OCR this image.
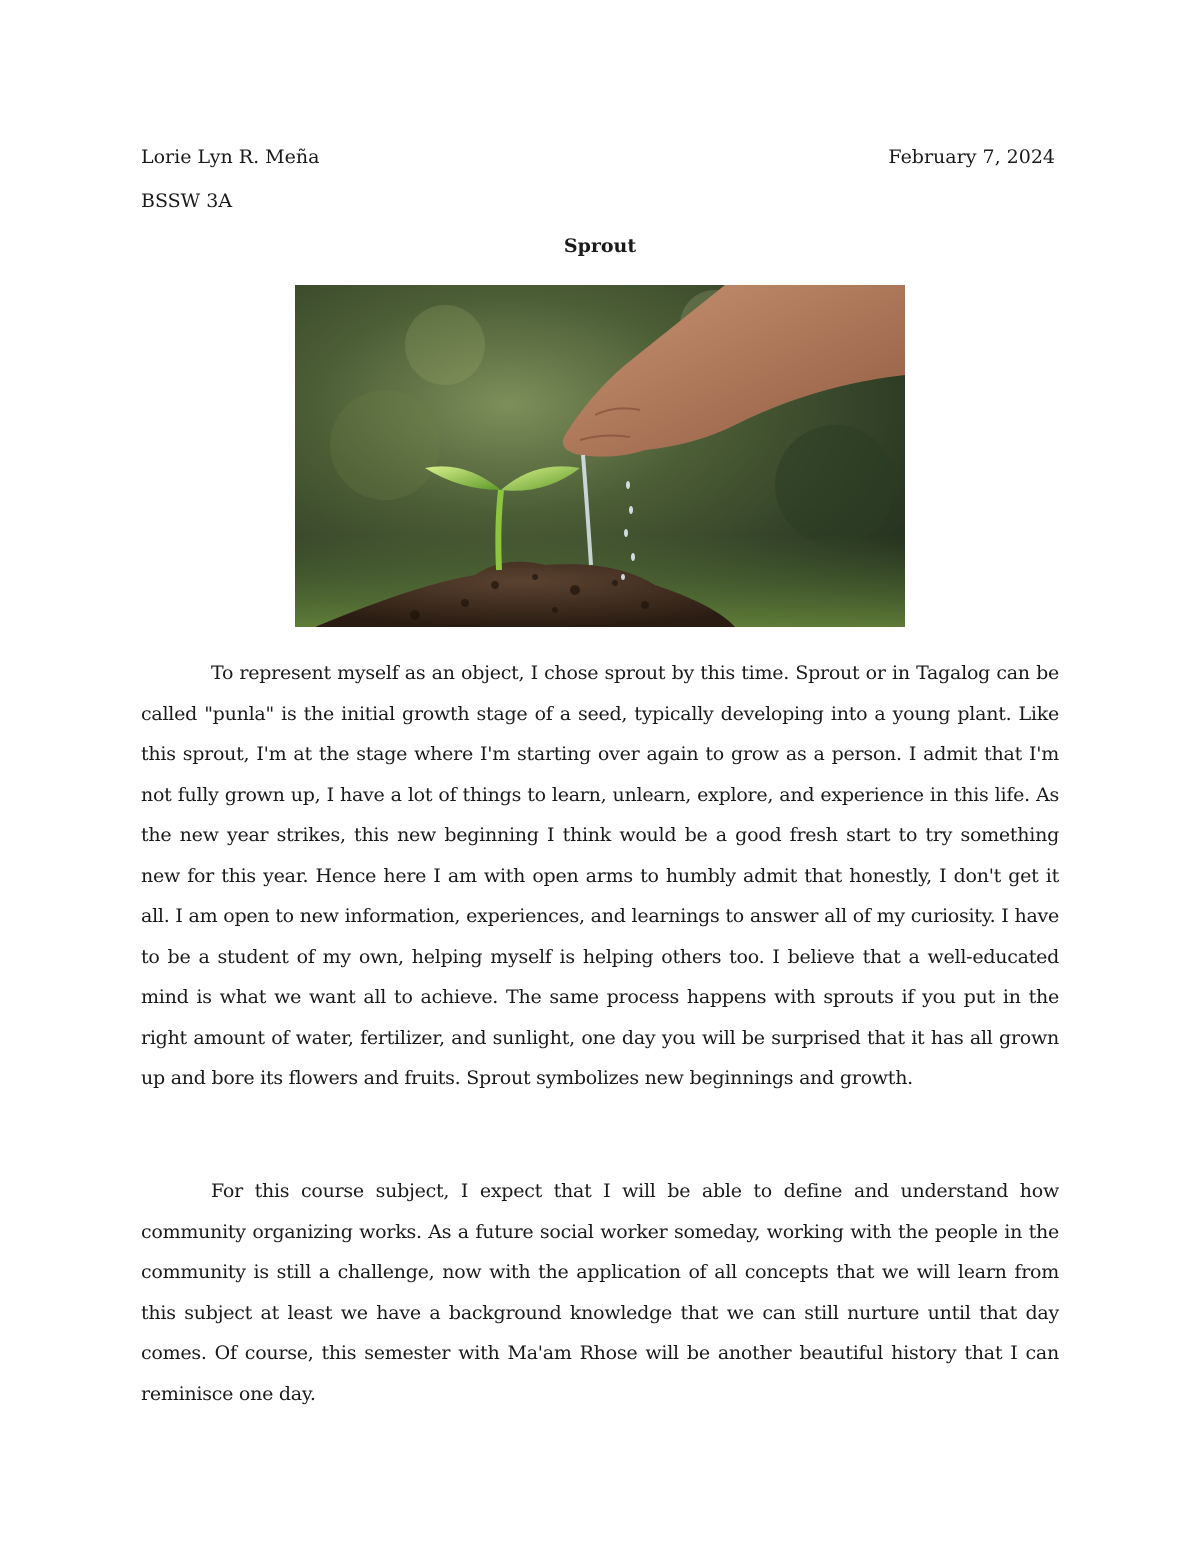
Lorie Lyn R. Meña	February 7, 2024
BSSW 3A
Sprout

To represent myself as an object, I chose sprout by this time. Sprout or in Tagalog can be called "punla" is the initial growth stage of a seed, typically developing into a young plant. Like this sprout, I'm at the stage where I'm starting over again to grow as a person. I admit that I'm not fully grown up, I have a lot of things to learn, unlearn, explore, and experience in this life. As the new year strikes, this new beginning I think would be a good fresh start to try something new for this year. Hence here I am with open arms to humbly admit that honestly, I don't get it all. I am open to new information, experiences, and learnings to answer all of my curiosity. I have to be a student of my own, helping myself is helping others too. I believe that a well-educated mind is what we want all to achieve. The same process happens with sprouts if you put in the right amount of water, fertilizer, and sunlight, one day you will be surprised that it has all grown up and bore its flowers and fruits. Sprout symbolizes new beginnings and growth.

For this course subject, I expect that I will be able to define and understand how community organizing works. As a future social worker someday, working with the people in the community is still a challenge, now with the application of all concepts that we will learn from this subject at least we have a background knowledge that we can still nurture until that day comes. Of course, this semester with Ma'am Rhose will be another beautiful history that I can reminisce one day.
